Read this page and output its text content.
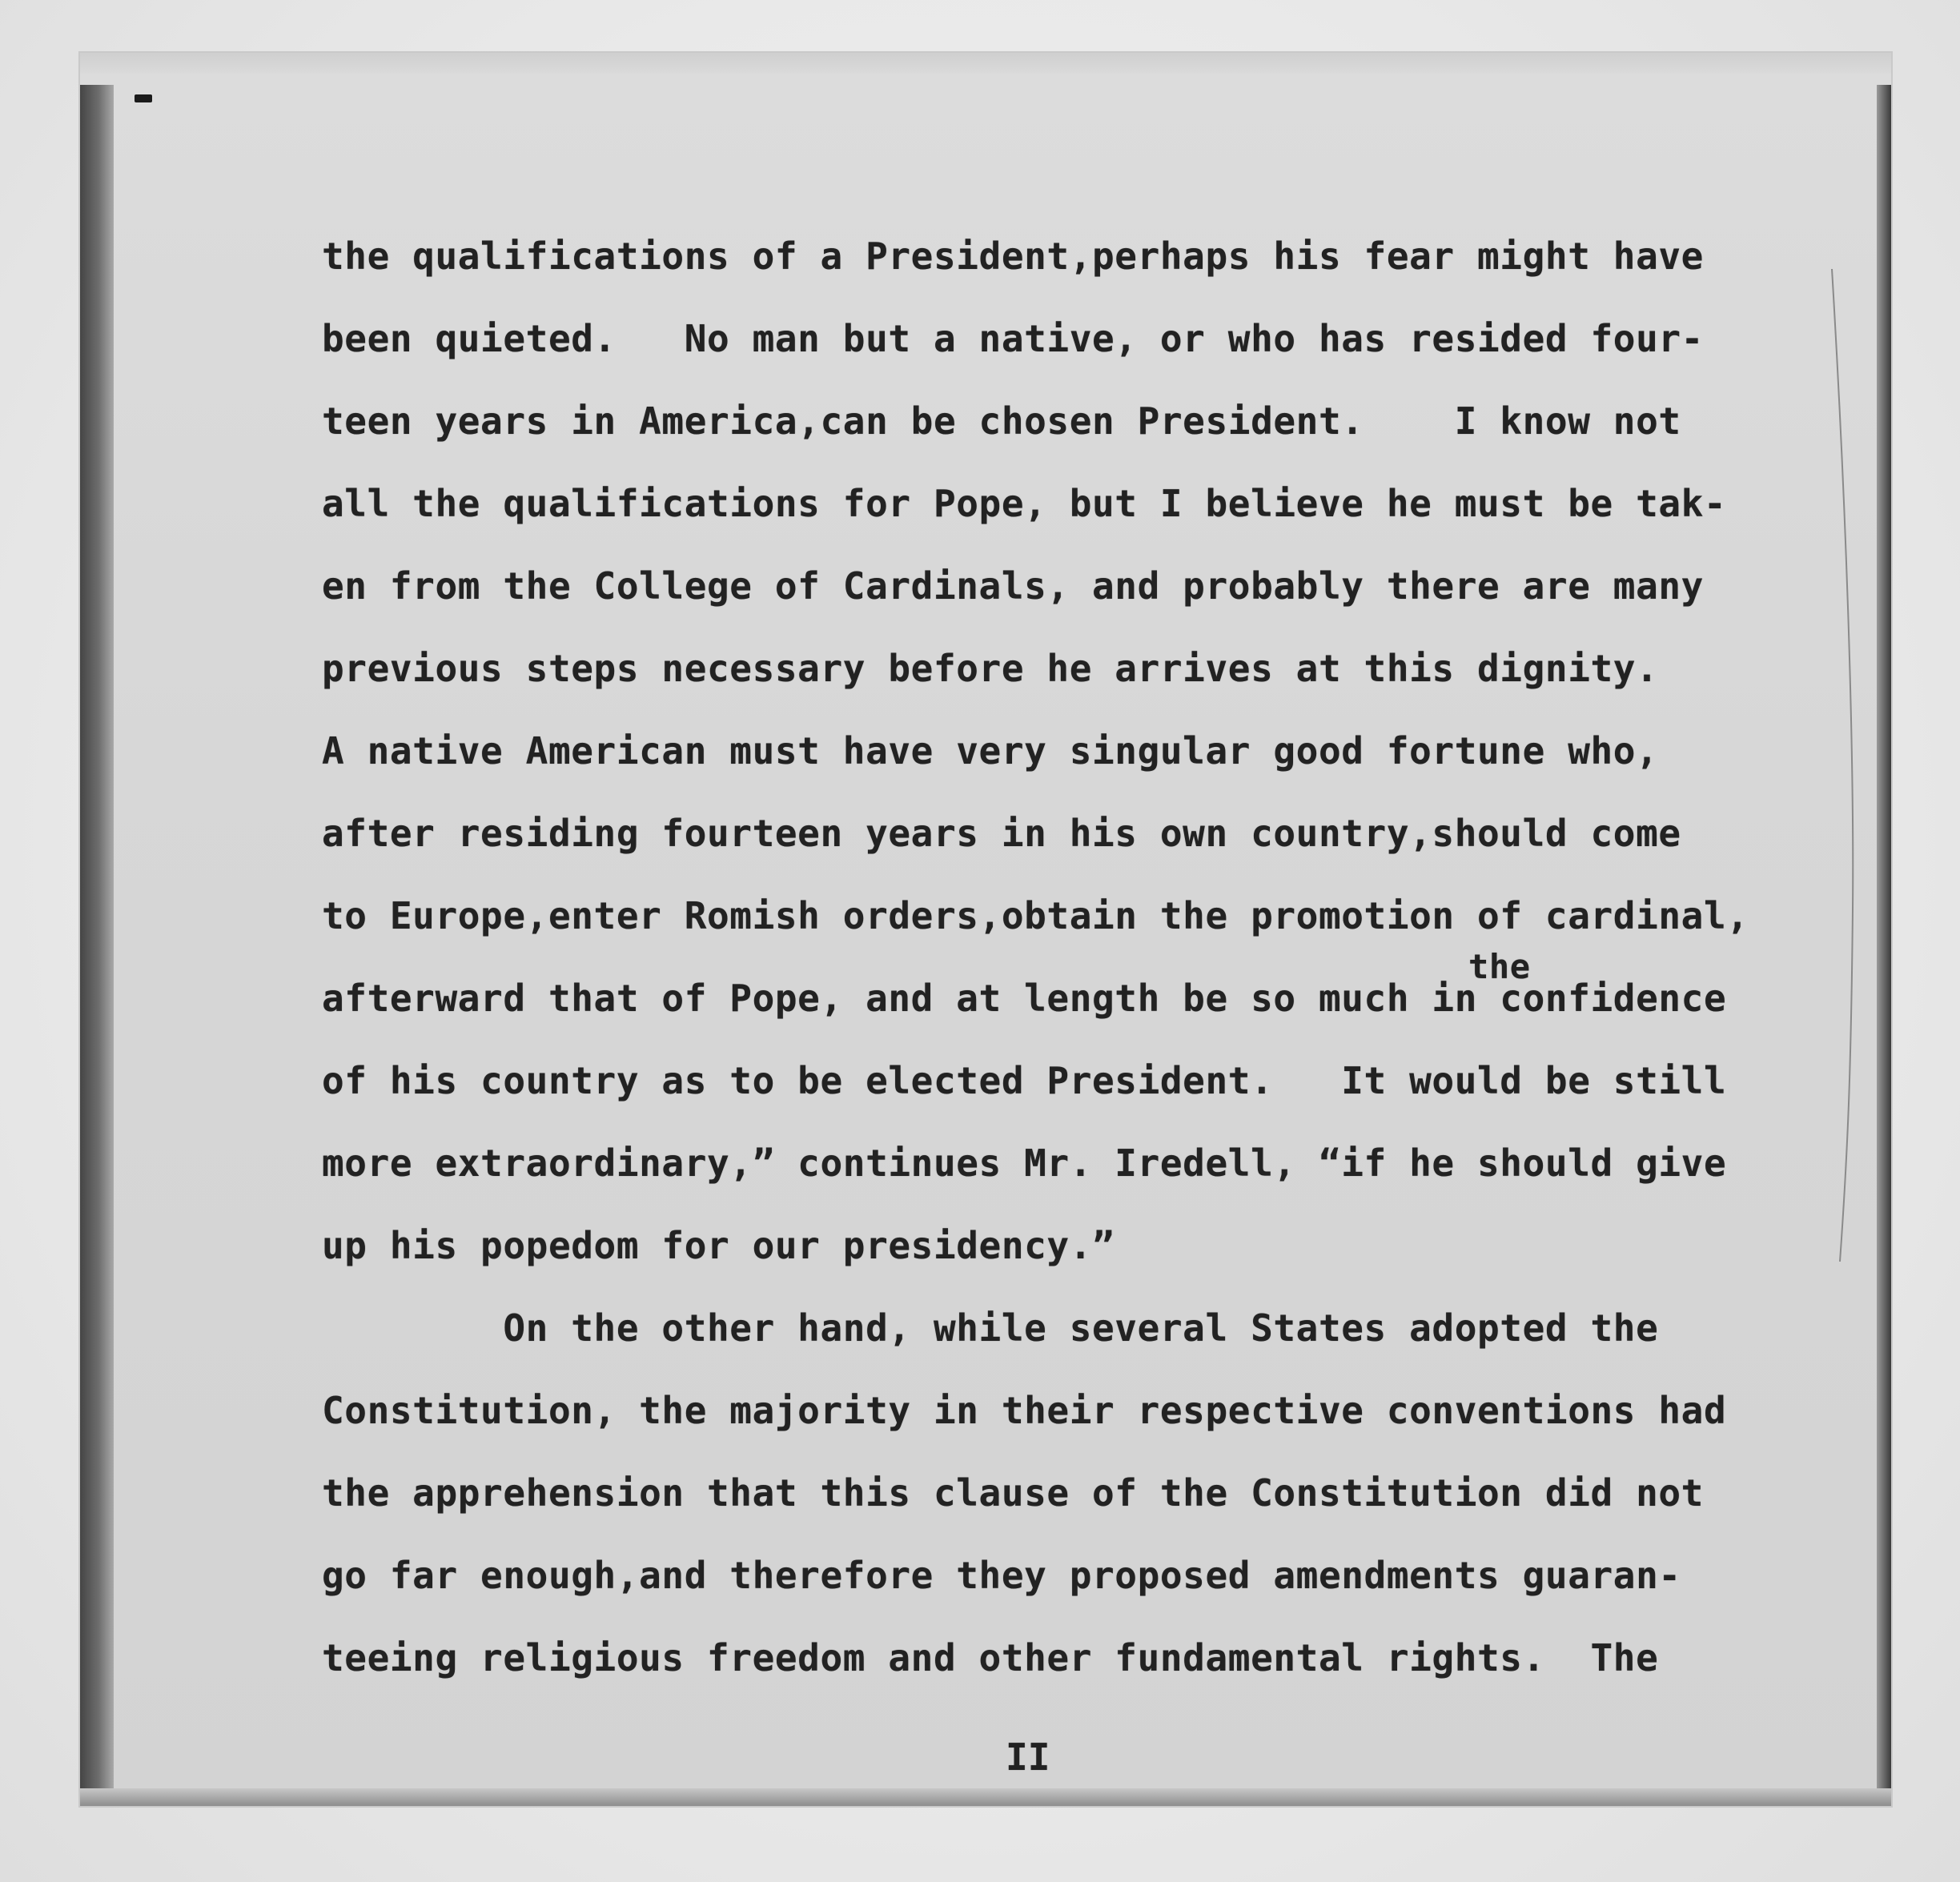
the qualifications of a President,perhaps his fear might have
been quieted.   No man but a native, or who has resided four-
teen years in America,can be chosen President.    I know not
all the qualifications for Pope, but I believe he must be tak-
en from the College of Cardinals, and probably there are many
previous steps necessary before he arrives at this dignity.
A native American must have very singular good fortune who,
after residing fourteen years in his own country,should come
to Europe,enter Romish orders,obtain the promotion of cardinal,
the
afterward that of Pope, and at length be so much in confidence
of his country as to be elected President.   It would be still
more extraordinary,” continues Mr. Iredell, “if he should give
up his popedom for our presidency.”
On the other hand, while several States adopted the
Constitution, the majority in their respective conventions had
the apprehension that this clause of the Constitution did not
go far enough,and therefore they proposed amendments guaran-
teeing religious freedom and other fundamental rights.  The
II
